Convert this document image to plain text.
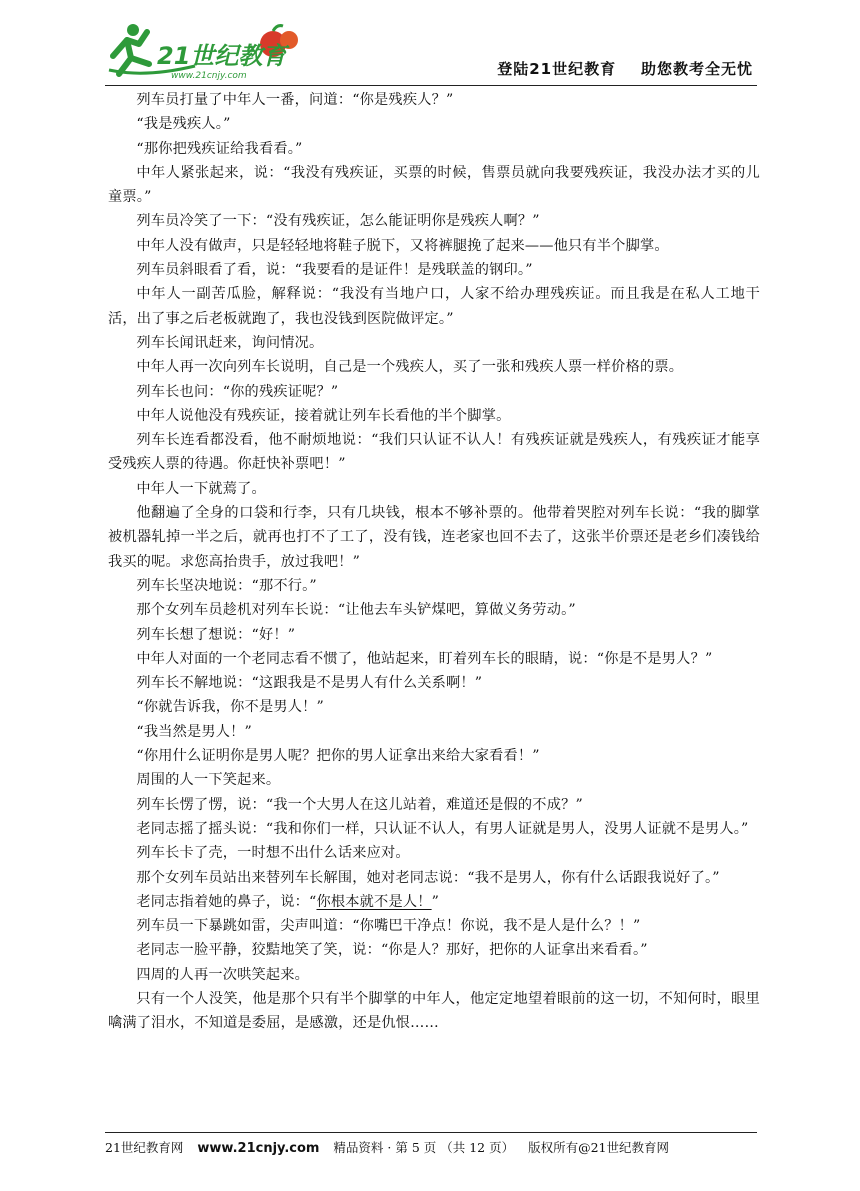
21世纪教育
www.21cnjy.com	登陆21世纪教育    助您教考全无忧

列车员打量了中年人一番，问道：“你是残疾人？”

“我是残疾人。”

“那你把残疾证给我看看。”

中年人紧张起来，说：“我没有残疾证，买票的时候，售票员就向我要残疾证，我没办法才买的儿童票。”

列车员冷笑了一下：“没有残疾证，怎么能证明你是残疾人啊？”

中年人没有做声，只是轻轻地将鞋子脱下，又将裤腿挽了起来——他只有半个脚掌。

列车员斜眼看了看，说：“我要看的是证件！是残联盖的钢印。”

中年人一副苦瓜脸，解释说：“我没有当地户口，人家不给办理残疾证。而且我是在私人工地干活，出了事之后老板就跑了，我也没钱到医院做评定。”

列车长闻讯赶来，询问情况。

中年人再一次向列车长说明，自己是一个残疾人，买了一张和残疾人票一样价格的票。

列车长也问：“你的残疾证呢？”

中年人说他没有残疾证，接着就让列车长看他的半个脚掌。

列车长连看都没看，他不耐烦地说：“我们只认证不认人！有残疾证就是残疾人，有残疾证才能享受残疾人票的待遇。你赶快补票吧！”

中年人一下就蔫了。

他翻遍了全身的口袋和行李，只有几块钱，根本不够补票的。他带着哭腔对列车长说：“我的脚掌被机器轧掉一半之后，就再也打不了工了，没有钱，连老家也回不去了，这张半价票还是老乡们凑钱给我买的呢。求您高抬贵手，放过我吧！”

列车长坚决地说：“那不行。”

那个女列车员趁机对列车长说：“让他去车头铲煤吧，算做义务劳动。”

列车长想了想说：“好！”

中年人对面的一个老同志看不惯了，他站起来，盯着列车长的眼睛，说：“你是不是男人？”

列车长不解地说：“这跟我是不是男人有什么关系啊！”

“你就告诉我，你不是男人！”

“我当然是男人！”

“你用什么证明你是男人呢？把你的男人证拿出来给大家看看！”

周围的人一下笑起来。

列车长愣了愣，说：“我一个大男人在这儿站着，难道还是假的不成？”

老同志摇了摇头说：“我和你们一样，只认证不认人，有男人证就是男人，没男人证就不是男人。”

列车长卡了壳，一时想不出什么话来应对。

那个女列车员站出来替列车长解围，她对老同志说：“我不是男人，你有什么话跟我说好了。”

老同志指着她的鼻子，说：“你根本就不是人！”

列车员一下暴跳如雷，尖声叫道：“你嘴巴干净点！你说，我不是人是什么？！”

老同志一脸平静，狡黠地笑了笑，说：“你是人？那好，把你的人证拿出来看看。”

四周的人再一次哄笑起来。

只有一个人没笑，他是那个只有半个脚掌的中年人，他定定地望着眼前的这一切，不知何时，眼里噙满了泪水，不知道是委屈，是感激，还是仇恨……

21世纪教育网 www.21cnjy.com 精品资料 · 第 5 页 （共 12 页） 版权所有@21世纪教育网
